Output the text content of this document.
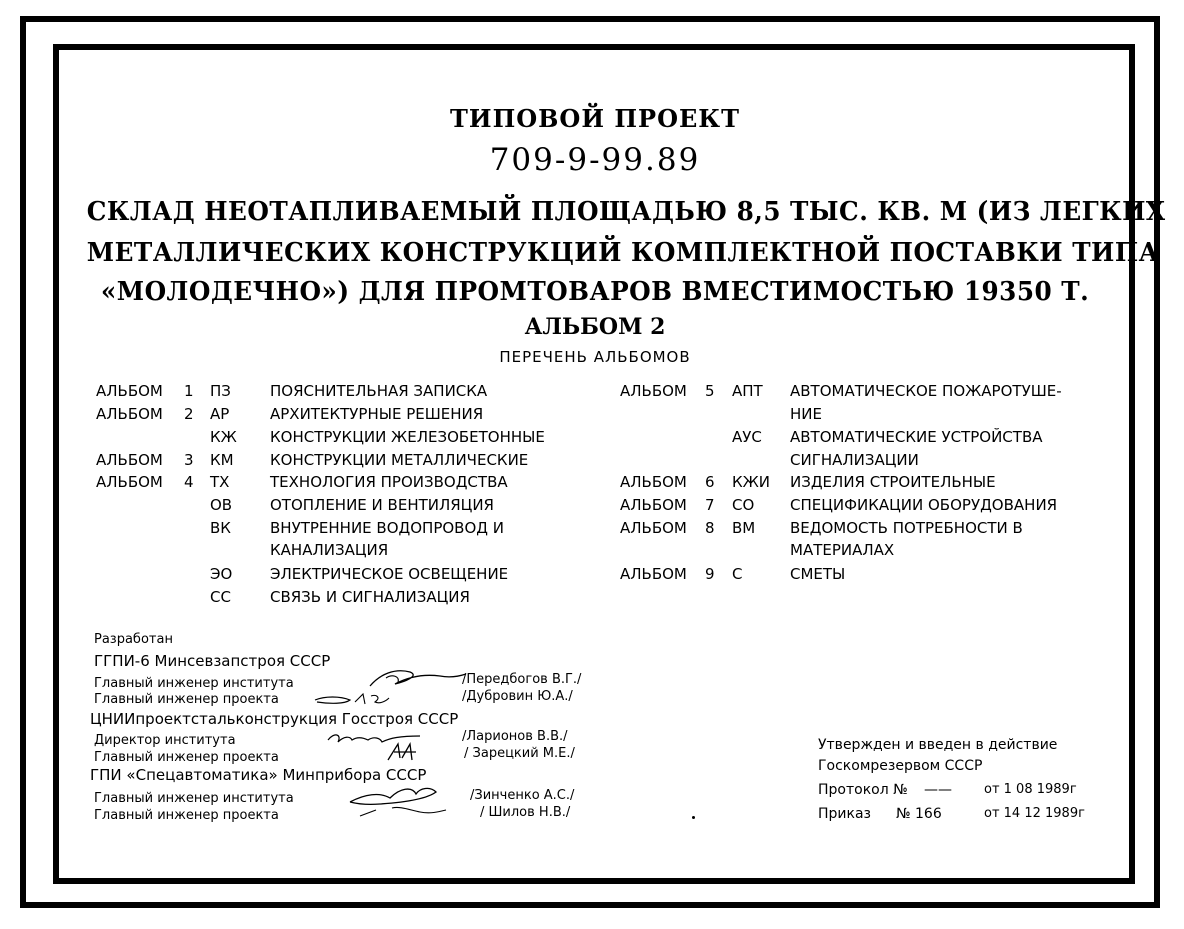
ТИПОВОЙ ПРОЕКТ
709-9-99.89
СКЛАД НЕОТАПЛИВАЕМЫЙ ПЛОЩАДЬЮ 8,5 ТЫС. КВ. М (ИЗ ЛЕГКИХ
МЕТАЛЛИЧЕСКИХ КОНСТРУКЦИЙ КОМПЛЕКТНОЙ ПОСТАВКИ ТИПА
«МОЛОДЕЧНО») ДЛЯ ПРОМТОВАРОВ ВМЕСТИМОСТЬЮ 19350 Т.
АЛЬБОМ 2
ПЕРЕЧЕНЬ АЛЬБОМОВ
АЛЬБОМ 1 ПЗ	ПОЯСНИТЕЛЬНАЯ ЗАПИСКА
АЛЬБОМ 2 АР	АРХИТЕКТУРНЫЕ РЕШЕНИЯ
КЖ КОНСТРУКЦИИ ЖЕЛЕЗОБЕТОННЫЕ
АЛЬБОМ 3 КМ КОНСТРУКЦИИ МЕТАЛЛИЧЕСКИЕ
АЛЬБОМ 4 ТХ	ТЕХНОЛОГИЯ ПРОИЗВОДСТВА
ОВ	ОТОПЛЕНИЕ И ВЕНТИЛЯЦИЯ
ВК	ВНУТРЕННИЕ ВОДОПРОВОД И
КАНАЛИЗАЦИЯ
ЭО	ЭЛЕКТРИЧЕСКОЕ ОСВЕЩЕНИЕ
СС	СВЯЗЬ И СИГНАЛИЗАЦИЯ
АЛЬБОМ 5 АПТ АВТОМАТИЧЕСКОЕ ПОЖАРОТУШЕ-
НИЕ
АУС АВТОМАТИЧЕСКИЕ УСТРОЙСТВА
СИГНАЛИЗАЦИИ
АЛЬБОМ 6 КЖИ ИЗДЕЛИЯ СТРОИТЕЛЬНЫЕ
АЛЬБОМ 7 СО СПЕЦИФИКАЦИИ ОБОРУДОВАНИЯ
АЛЬБОМ 8 ВМ ВЕДОМОСТЬ ПОТРЕБНОСТИ В
МАТЕРИАЛАХ
АЛЬБОМ 9 С	СМЕТЫ
Разработан
ГГПИ-6 Минсевзапстроя СССР
Главный инженер института	/Передбогов В.Г./
Главный инженер проекта	/Дубровин Ю.А./
ЦНИИпроектстальконструкция Госстроя СССР
Директор института	/Ларионов В.В./
Главный инженер проекта	/ Зарецкий М.Е./
ГПИ «Спецавтоматика» Минприбора СССР
Главный инженер института	/Зинченко А.С./
Главный инженер проекта	/ Шилов Н.В./
Утвержден и введен в действие
Госкомрезервом СССР
Протокол № —— от 1 08 1989г
Приказ № 166	от 14 12 1989г
